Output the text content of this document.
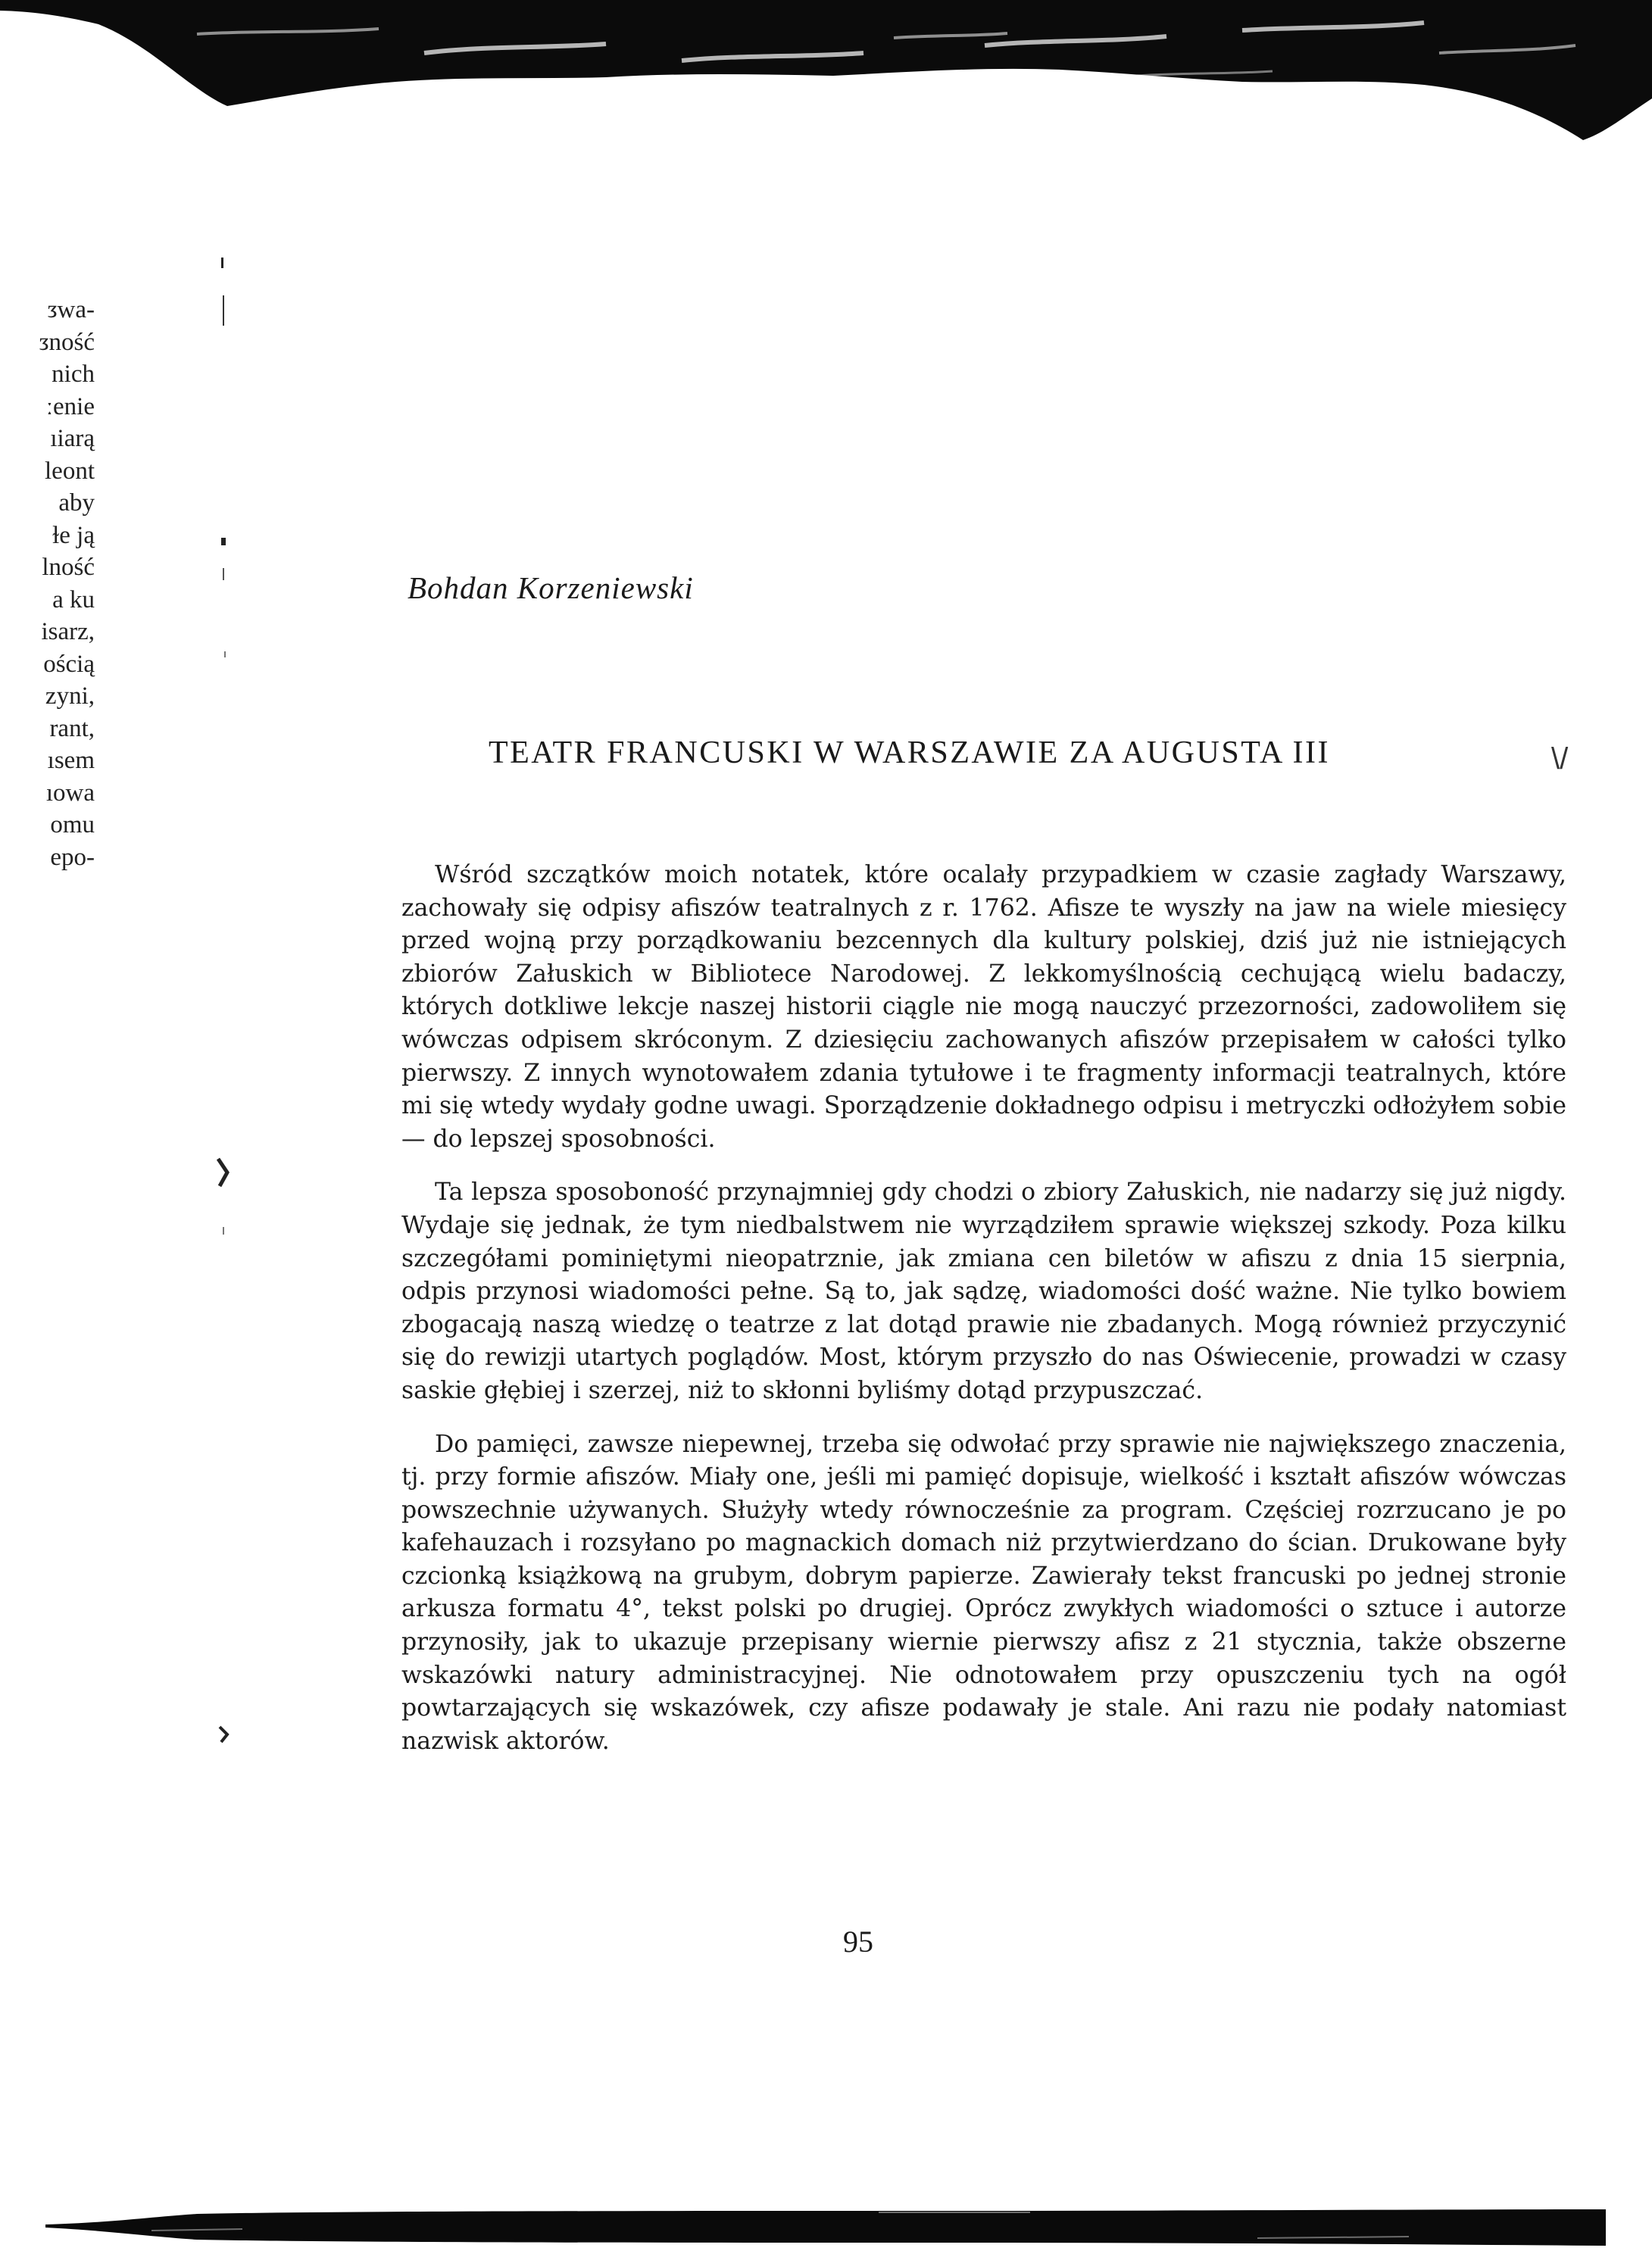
ᴣwa-
ᴣność
nich
ːenie
ıiarą
leont
aby
ɫe ją
lność
a ku
isarz,
ością
zyni,
rant,
ısem
ıowa
omu
epo-
Bohdan Korzeniewski
TEATR FRANCUSKI W WARSZAWIE ZA AUGUSTA III	\/

Wśród szczątków moich notatek, które ocalały przypadkiem w czasie zagłady Warszawy, zachowały się odpisy afiszów teatralnych z r. 1762. Afisze te wyszły na jaw na wiele miesięcy przed wojną przy porządkowaniu bezcennych dla kultury polskiej, dziś już nie istniejących zbiorów Załuskich w Bibliotece Narodowej. Z lekkomyślnością cechującą wielu badaczy, których dotkliwe lekcje naszej historii ciągle nie mogą nauczyć przezorności, zadowoliłem się wówczas odpisem skróconym. Z dziesięciu zachowanych afiszów przepisałem w całości tylko pierwszy. Z innych wynotowałem zdania tytułowe i te fragmenty informacji teatralnych, które mi się wtedy wydały godne uwagi. Sporządzenie dokładnego odpisu i metryczki odłożyłem sobie — do lepszej sposobności.

Ta lepsza sposoboność przynajmniej gdy chodzi o zbiory Załuskich, nie nadarzy się już nigdy. Wydaje się jednak, że tym niedbalstwem nie wyrządziłem sprawie większej szkody. Poza kilku szczegółami pominiętymi nieopatrznie, jak zmiana cen biletów w afiszu z dnia 15 sierpnia, odpis przynosi wiadomości pełne. Są to, jak sądzę, wiadomości dość ważne. Nie tylko bowiem zbogacają naszą wiedzę o teatrze z lat dotąd prawie nie zbadanych. Mogą również przyczynić się do rewizji utartych poglądów. Most, którym przyszło do nas Oświecenie, prowadzi w czasy saskie głębiej i szerzej, niż to skłonni byliśmy dotąd przypuszczać.

Do pamięci, zawsze niepewnej, trzeba się odwołać przy sprawie nie największego znaczenia, tj. przy formie afiszów. Miały one, jeśli mi pamięć dopisuje, wielkość i kształt afiszów wówczas powszechnie używanych. Służyły wtedy równocześnie za program. Częściej rozrzucano je po kafehauzach i rozsyłano po magnackich domach niż przytwierdzano do ścian. Drukowane były czcionką książkową na grubym, dobrym papierze. Zawierały tekst francuski po jednej stronie arkusza formatu 4°, tekst polski po drugiej. Oprócz zwykłych wiadomości o sztuce i autorze przynosiły, jak to ukazuje przepisany wiernie pierwszy afisz z 21 stycznia, także obszerne wskazówki natury administracyjnej. Nie odnotowałem przy opuszczeniu tych na ogół powtarzających się wskazówek, czy afisze podawały je stale. Ani razu nie podały natomiast nazwisk aktorów.

95
